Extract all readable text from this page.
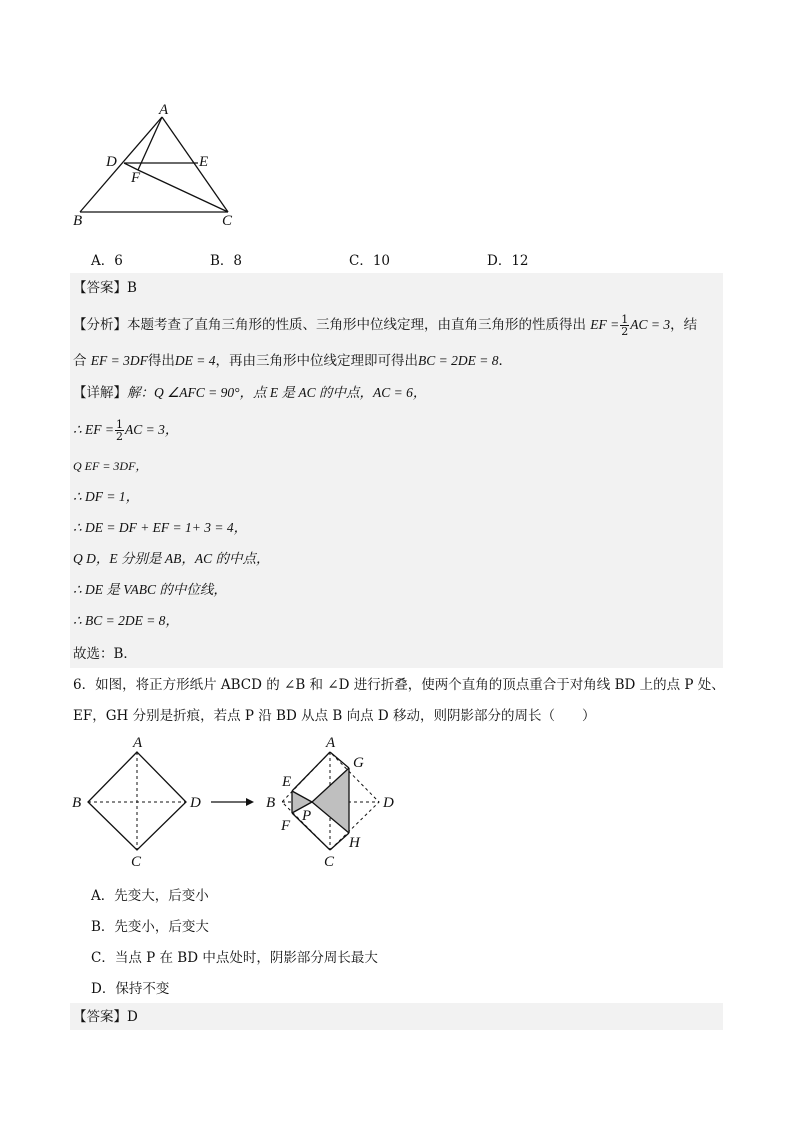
A
D	E
F
B	C
A．6	B．8	C．10	D．12
【答案】B
【分析】本题考查了直角三角形的性质、三角形中位线定理，由直角三角形的性质得出 EF = $\frac{1}{2}$ AC = 3，结
合 EF = 3DF得出DE = 4，再由三角形中位线定理即可得出BC = 2DE = 8．
【详解】解：Q ∠AFC = 90°，点 E 是 AC 的中点，AC = 6，
∴ EF = $\frac{1}{2}$ AC = 3，
Q EF = 3DF，
∴ DF = 1，
∴ DE = DF + EF = 1+ 3 = 4，
Q D，E 分别是 AB，AC 的中点，
∴ DE 是 VABC 的中位线，
∴ BC = 2DE = 8，
故选：B．
6．如图，将正方形纸片 ABCD 的 ∠B 和 ∠D 进行折叠，使两个直角的顶点重合于对角线 BD 上的点 P 处、
EF，GH 分别是折痕，若点 P 沿 BD 从点 B 向点 D 移动，则阴影部分的周长（　　）
A
B	D
C
A
G
E
B
P
D
F
H
C
A．先变大，后变小
B．先变小，后变大
C．当点 P 在 BD 中点处时，阴影部分周长最大
D．保持不变
【答案】D
